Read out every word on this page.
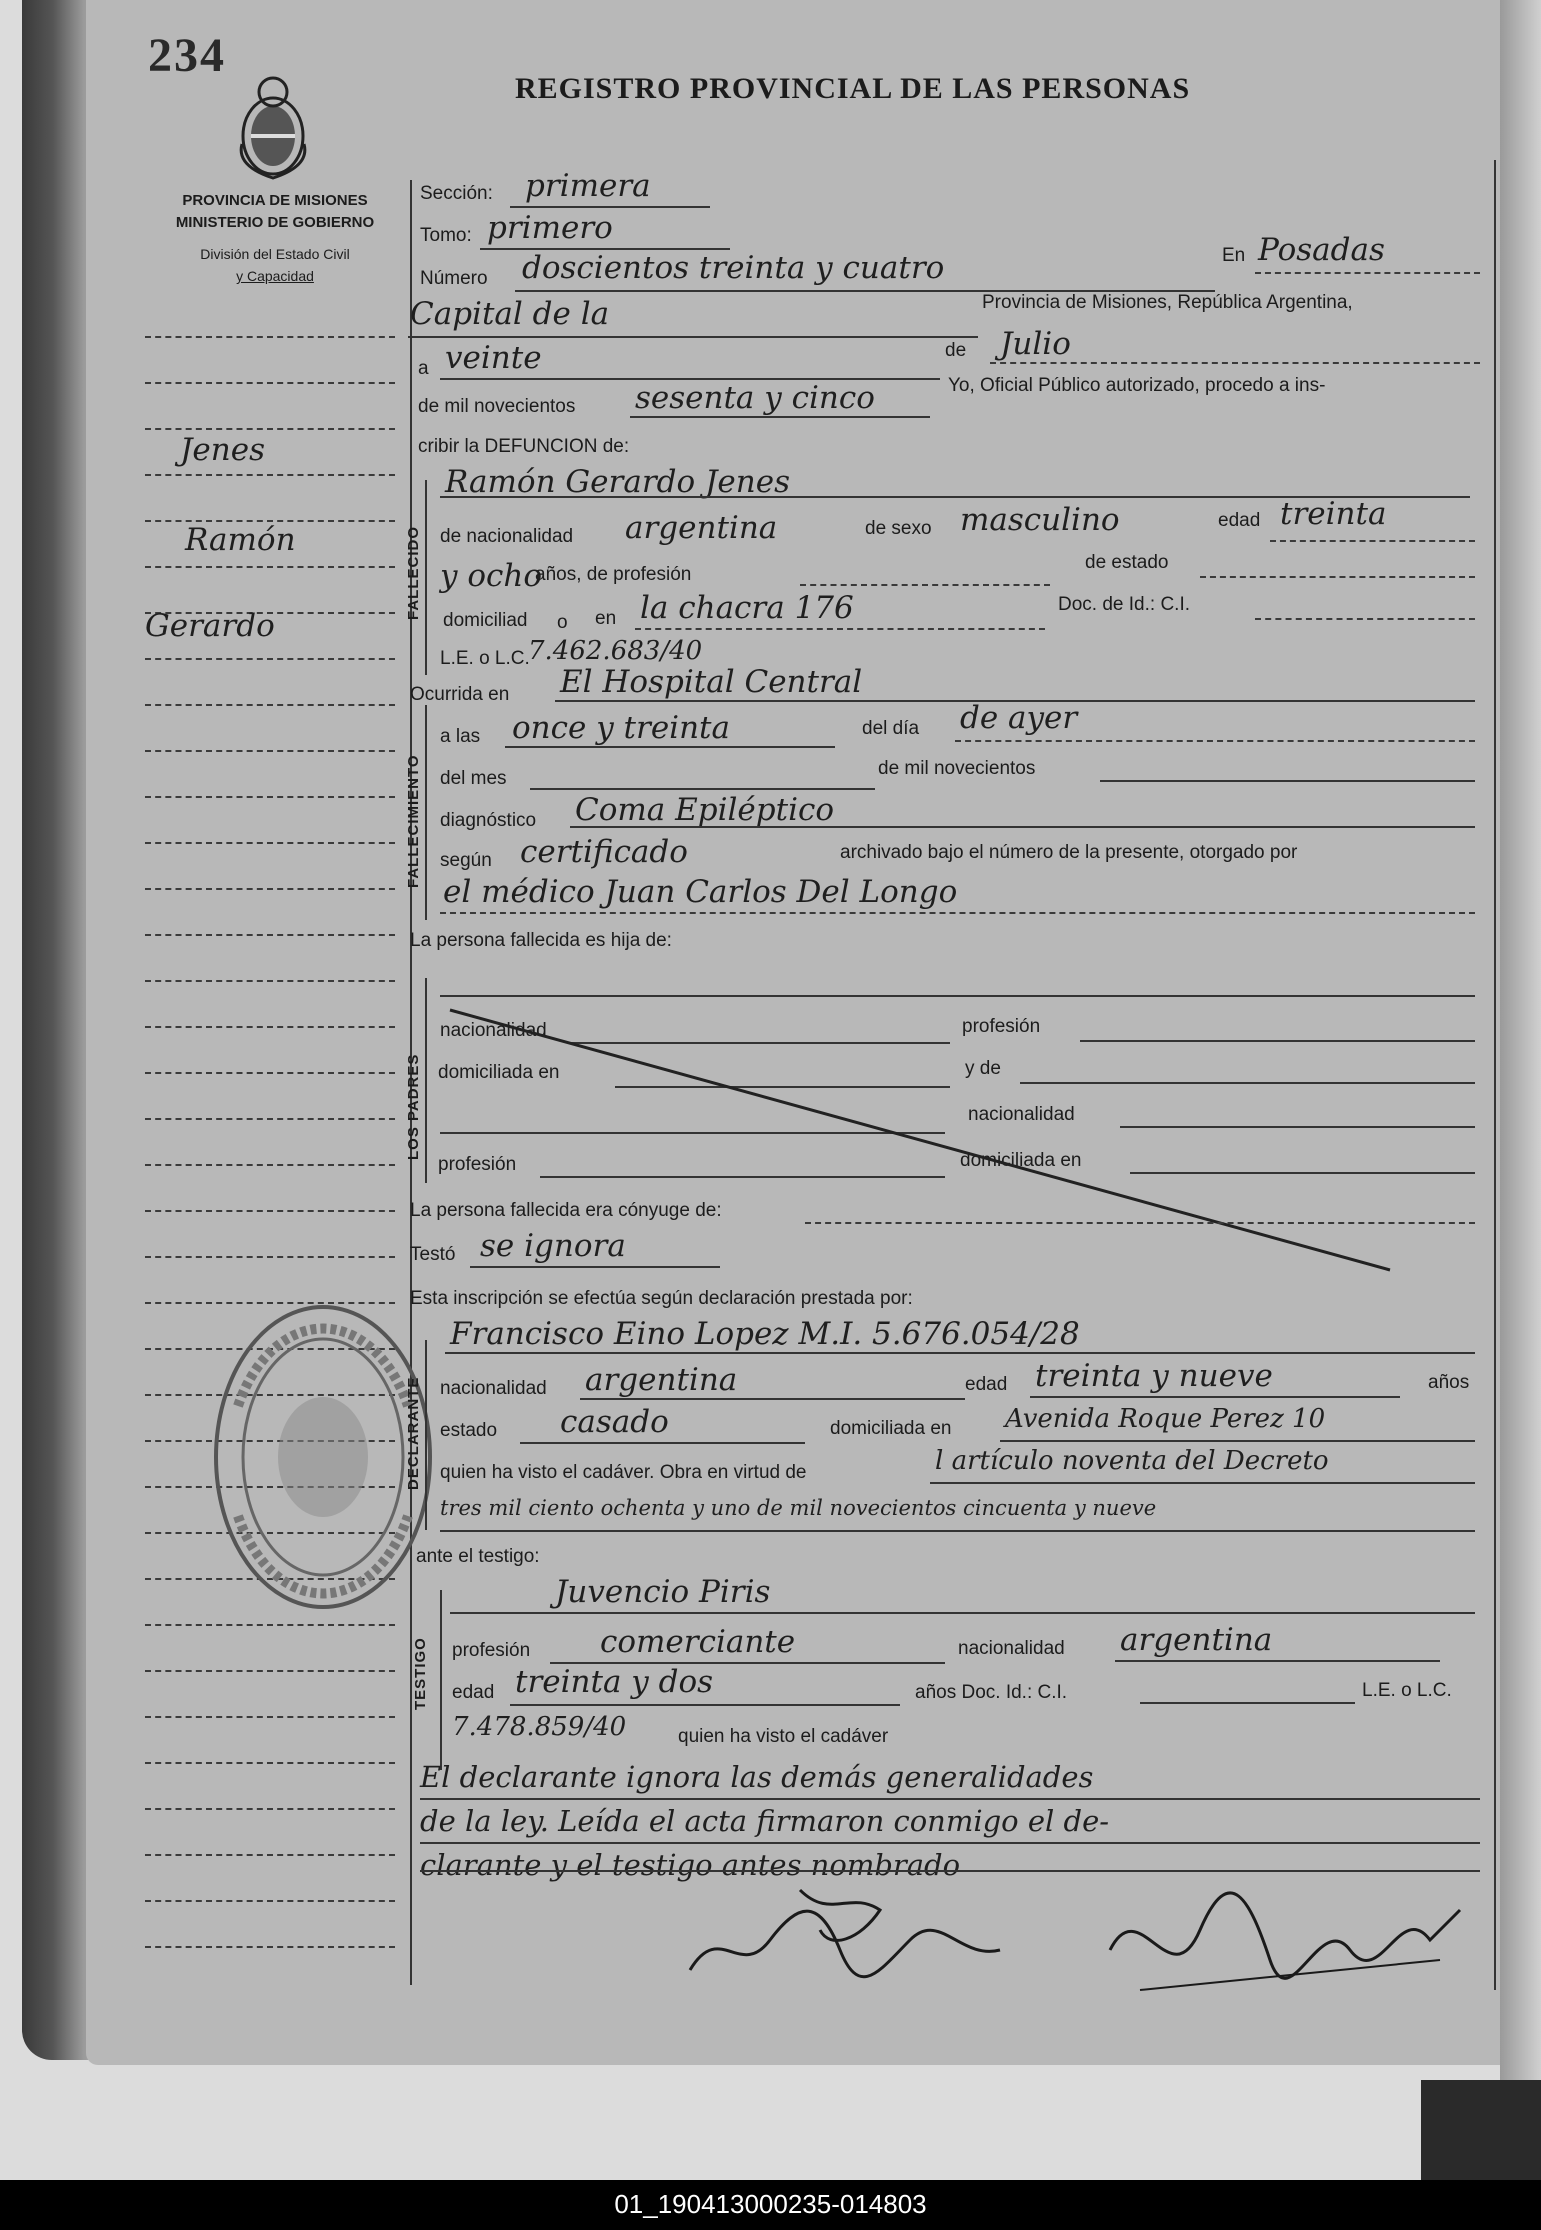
234
REGISTRO PROVINCIAL DE LAS PERSONAS
PROVINCIA DE MISIONES
MINISTERIO DE GOBIERNO
División del Estado Civil
y Capacidad
Jenes
Ramón
Gerardo
Sección: primera
Tomo: primero
Número doscientos treinta y cuatro	En Posadas
Capital de la	Provincia de Misiones, República Argentina,
a veinte	de Julio
de mil novecientos sesenta y cinco	Yo, Oficial Público autorizado, procedo a ins-
cribir la DEFUNCION de:
FALLECIDO
Ramón Gerardo Jenes
de nacionalidad argentina	de sexo masculino	edad treinta
y ocho
años, de profesión
de estado
domiciliad o en la chacra 176	Doc. de Id.: C.I.
L.E. o L.C.
7.462.683/40
Ocurrida en El Hospital Central
FALLECIMIENTO
a las once y treinta	del día de ayer
del mes	de mil novecientos
diagnóstico Coma Epiléptico
según certificado	archivado bajo el número de la presente, otorgado por
el médico Juan Carlos Del Longo
La persona fallecida es hija de:
LOS PADRES
nacionalidad	profesión
domiciliada en	y de
nacionalidad
profesión	domiciliada en
La persona fallecida era cónyuge de:
Testó se ignora
Esta inscripción se efectúa según declaración prestada por:
DECLARANTE
Francisco Eino Lopez M.I. 5.676.054/28
nacionalidad argentina	edad treinta y nueve	años
estado casado	domiciliada en Avenida Roque Perez 10
quien ha visto el cadáver. Obra en virtud de	l artículo noventa del Decreto
tres mil ciento ochenta y uno de mil novecientos cincuenta y nueve
ante el testigo:
TESTIGO
Juvencio Piris
profesión comerciante	nacionalidad argentina
edad treinta y dos	años Doc. Id.: C.I.	L.E. o L.C.
7.478.859/40	quien ha visto el cadáver
El declarante ignora las demás generalidades
de la ley. Leída el acta firmaron conmigo el de-
clarante y el testigo antes nombrado
01_190413000235-014803
